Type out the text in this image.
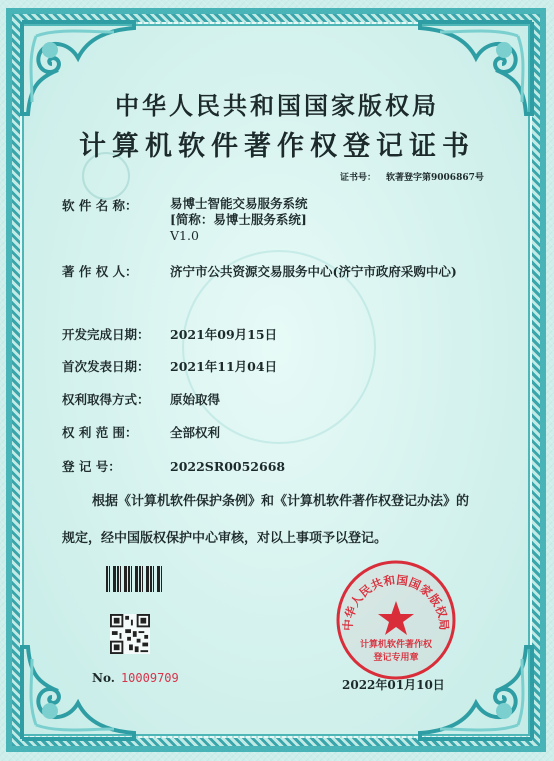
中华人民共和国国家版权局
计算机软件著作权登记证书
证书号： 软著登字第9006867号
软 件 名 称：	易博士智能交易服务系统
[简称：易博士服务系统]
V1.0
著 作 权 人：	济宁市公共资源交易服务中心(济宁市政府采购中心)
开发完成日期： 2021年09月15日
首次发表日期： 2021年11月04日
权利取得方式： 原始取得
权 利 范 围：	全部权利
登 记 号：	2022SR0052668
根据《计算机软件保护条例》和《计算机软件著作权登记办法》的
规定，经中国版权保护中心审核，对以上事项予以登记。
No. 10009709
中华人民共和国国家版权局
计算机软件著作权
登记专用章
2022年01月10日
